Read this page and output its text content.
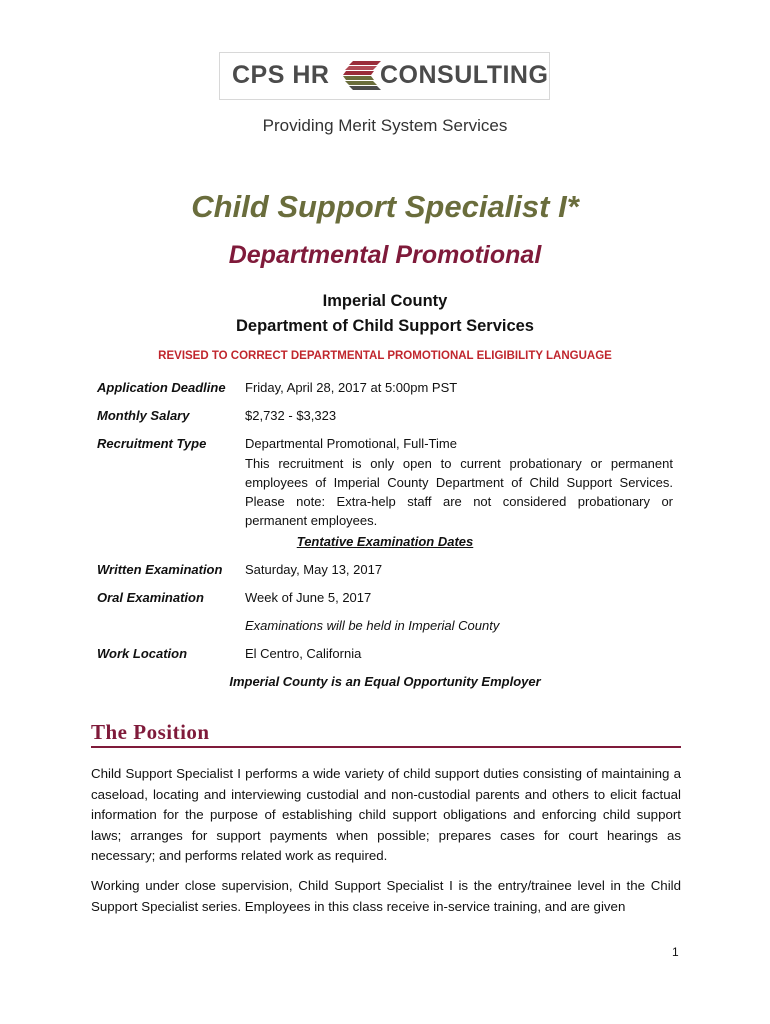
CPS HR CONSULTING
Providing Merit System Services
Child Support Specialist I*
Departmental Promotional
Imperial County
Department of Child Support Services
REVISED TO CORRECT DEPARTMENTAL PROMOTIONAL ELIGIBILITY LANGUAGE
Application Deadline Friday, April 28, 2017 at 5:00pm PST
Monthly Salary	$2,732 - $3,323
Recruitment Type	Departmental Promotional, Full-Time
This recruitment is only open to current probationary or permanent employees of Imperial County Department of Child Support Services. Please note: Extra-help staff are not considered probationary or permanent employees.
Tentative Examination Dates
Written Examination Saturday, May 13, 2017
Oral Examination	Week of June 5, 2017
Examinations will be held in Imperial County
Work Location	El Centro, California
Imperial County is an Equal Opportunity Employer
The Position
Child Support Specialist I performs a wide variety of child support duties consisting of maintaining a caseload, locating and interviewing custodial and non-custodial parents and others to elicit factual information for the purpose of establishing child support obligations and enforcing child support laws; arranges for support payments when possible; prepares cases for court hearings as necessary; and performs related work as required.
Working under close supervision, Child Support Specialist I is the entry/trainee level in the Child Support Specialist series. Employees in this class receive in-service training, and are given
1
